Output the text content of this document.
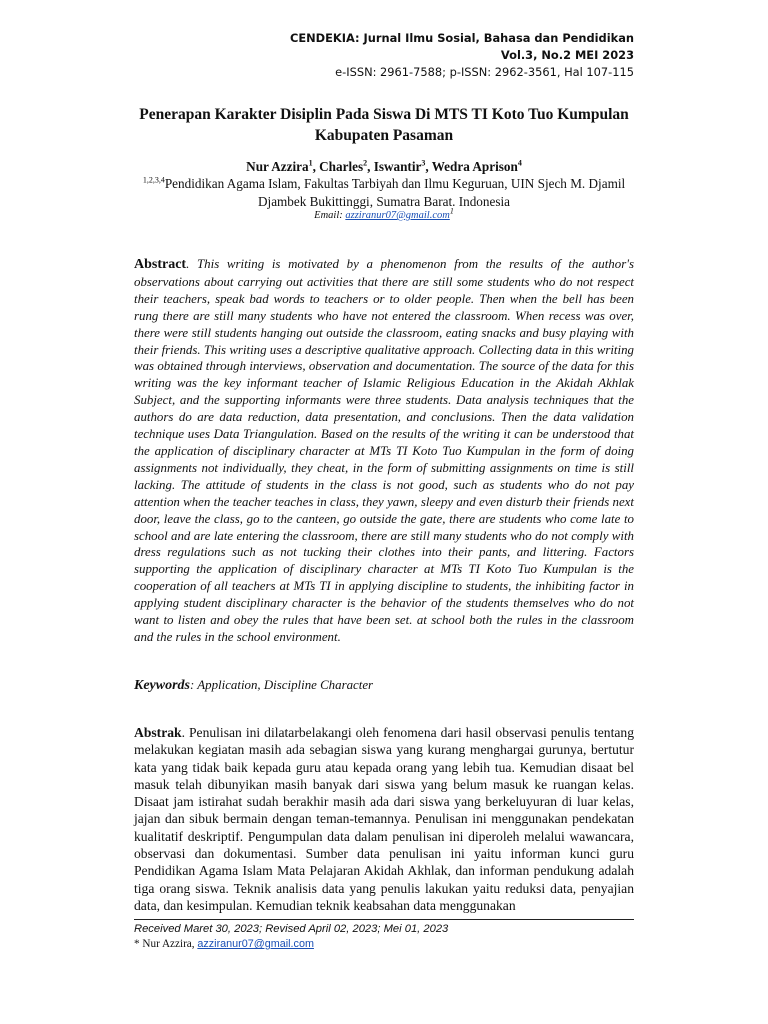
CENDEKIA: Jurnal Ilmu Sosial, Bahasa dan Pendidikan
Vol.3, No.2 MEI 2023
e-ISSN: 2961-7588; p-ISSN: 2962-3561, Hal 107-115
Penerapan Karakter Disiplin Pada Siswa Di MTS TI Koto Tuo Kumpulan Kabupaten Pasaman
Nur Azzira$^1$, Charles$^2$, Iswantir$^3$, Wedra Aprison$^4$
$^{1,2,3,4}$Pendidikan Agama Islam, Fakultas Tarbiyah dan Ilmu Keguruan, UIN Sjech M. Djamil Djambek Bukittinggi, Sumatra Barat. Indonesia
Email: azziranur07@gmail.com$^1$
Abstract. This writing is motivated by a phenomenon from the results of the author's observations about carrying out activities that there are still some students who do not respect their teachers, speak bad words to teachers or to older people. Then when the bell has been rung there are still many students who have not entered the classroom. When recess was over, there were still students hanging out outside the classroom, eating snacks and busy playing with their friends. This writing uses a descriptive qualitative approach. Collecting data in this writing was obtained through interviews, observation and documentation. The source of the data for this writing was the key informant teacher of Islamic Religious Education in the Akidah Akhlak Subject, and the supporting informants were three students. Data analysis techniques that the authors do are data reduction, data presentation, and conclusions. Then the data validation technique uses Data Triangulation. Based on the results of the writing it can be understood that the application of disciplinary character at MTs TI Koto Tuo Kumpulan in the form of doing assignments not individually, they cheat, in the form of submitting assignments on time is still lacking. The attitude of students in the class is not good, such as students who do not pay attention when the teacher teaches in class, they yawn, sleepy and even disturb their friends next door, leave the class, go to the canteen, go outside the gate, there are students who come late to school and are late entering the classroom, there are still many students who do not comply with dress regulations such as not tucking their clothes into their pants, and littering. Factors supporting the application of disciplinary character at MTs TI Koto Tuo Kumpulan is the cooperation of all teachers at MTs TI in applying discipline to students, the inhibiting factor in applying student disciplinary character is the behavior of the students themselves who do not want to listen and obey the rules that have been set. at school both the rules in the classroom and the rules in the school environment.
Keywords: Application, Discipline Character
Abstrak. Penulisan ini dilatarbelakangi oleh fenomena dari hasil observasi penulis tentang melakukan kegiatan masih ada sebagian siswa yang kurang menghargai gurunya, bertutur kata yang tidak baik kepada guru atau kepada orang yang lebih tua. Kemudian disaat bel masuk telah dibunyikan masih banyak dari siswa yang belum masuk ke ruangan kelas. Disaat jam istirahat sudah berakhir masih ada dari siswa yang berkeluyuran di luar kelas, jajan dan sibuk bermain dengan teman-temannya. Penulisan ini menggunakan pendekatan kualitatif deskriptif. Pengumpulan data dalam penulisan ini diperoleh melalui wawancara, observasi dan dokumentasi. Sumber data penulisan ini yaitu informan kunci guru Pendidikan Agama Islam Mata Pelajaran Akidah Akhlak, dan informan pendukung adalah tiga orang siswa. Teknik analisis data yang penulis lakukan yaitu reduksi data, penyajian data, dan kesimpulan. Kemudian teknik keabsahan data menggunakan
Received Maret 30, 2023; Revised April 02, 2023; Mei 01, 2023
* Nur Azzira, azziranur07@gmail.com
